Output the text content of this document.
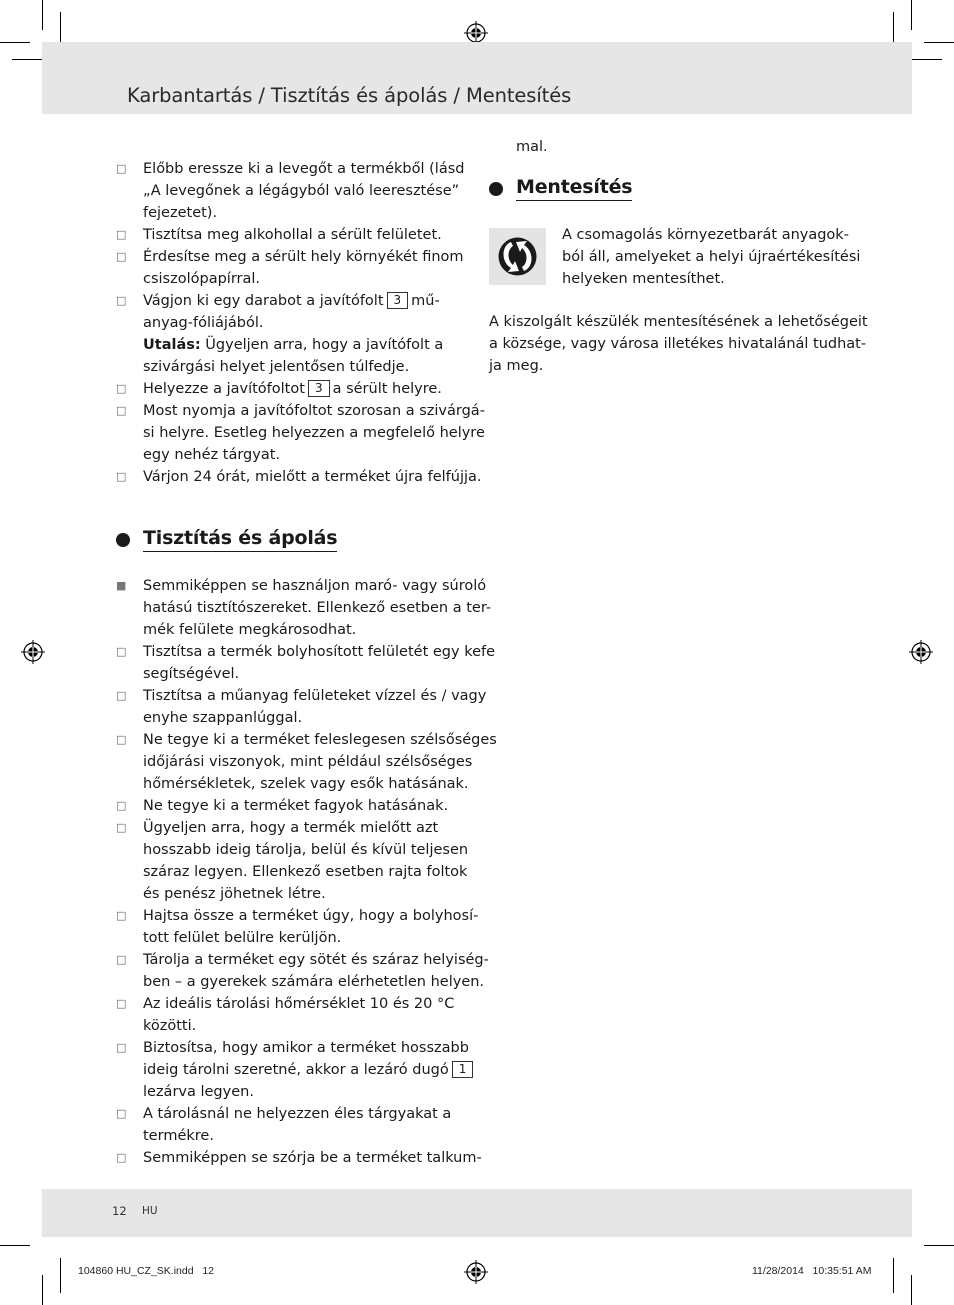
Karbantartás / Tisztítás és ápolás / Mentesítés
□ Előbb eressze ki a levegőt a termékből (lásd
„A levegőnek a légágyból való leeresztése”
fejezetet).
□ Tisztítsa meg alkohollal a sérült felületet.
□ Érdesítse meg a sérült hely környékét finom
csiszolópapírral.
□ Vágjon ki egy darabot a javítófolt 3 mű-
anyag-fóliájából.
Utalás: Ügyeljen arra, hogy a javítófolt a
szivárgási helyet jelentősen túlfedje.
□ Helyezze a javítófoltot 3 a sérült helyre.
□ Most nyomja a javítófoltot szorosan a szivárgá-
si helyre. Esetleg helyezzen a megfelelő helyre
egy nehéz tárgyat.
□ Várjon 24 órát, mielőtt a terméket újra felfújja.
Tisztítás és ápolás
■ Semmiképpen se használjon maró- vagy súroló
hatású tisztítószereket. Ellenkező esetben a ter-
mék felülete megkárosodhat.
□ Tisztítsa a termék bolyhosított felületét egy kefe
segítségével.
□ Tisztítsa a műanyag felületeket vízzel és / vagy
enyhe szappanlúggal.
□ Ne tegye ki a terméket feleslegesen szélsőséges
időjárási viszonyok, mint például szélsőséges
hőmérsékletek, szelek vagy esők hatásának.
□ Ne tegye ki a terméket fagyok hatásának.
□ Ügyeljen arra, hogy a termék mielőtt azt
hosszabb ideig tárolja, belül és kívül teljesen
száraz legyen. Ellenkező esetben rajta foltok
és penész jöhetnek létre.
□ Hajtsa össze a terméket úgy, hogy a bolyhosí-
tott felület belülre kerüljön.
□ Tárolja a terméket egy sötét és száraz helyiség-
ben – a gyerekek számára elérhetetlen helyen.
□ Az ideális tárolási hőmérséklet 10 és 20 °C
közötti.
□ Biztosítsa, hogy amikor a terméket hosszabb
ideig tárolni szeretné, akkor a lezáró dugó 1
lezárva legyen.
□ A tárolásnál ne helyezzen éles tárgyakat a
termékre.
□ Semmiképpen se szórja be a terméket talkum-
mal.
Mentesítés
A csomagolás környezetbarát anyagok-
ból áll, amelyeket a helyi újraértékesítési
helyeken mentesíthet.
A kiszolgált készülék mentesítésének a lehetőségeit
a községe, vagy városa illetékes hivatalánál tudhat-
ja meg.
12 HU
104860 HU_CZ_SK.indd   12	11/28/2014   10:35:51 AM
